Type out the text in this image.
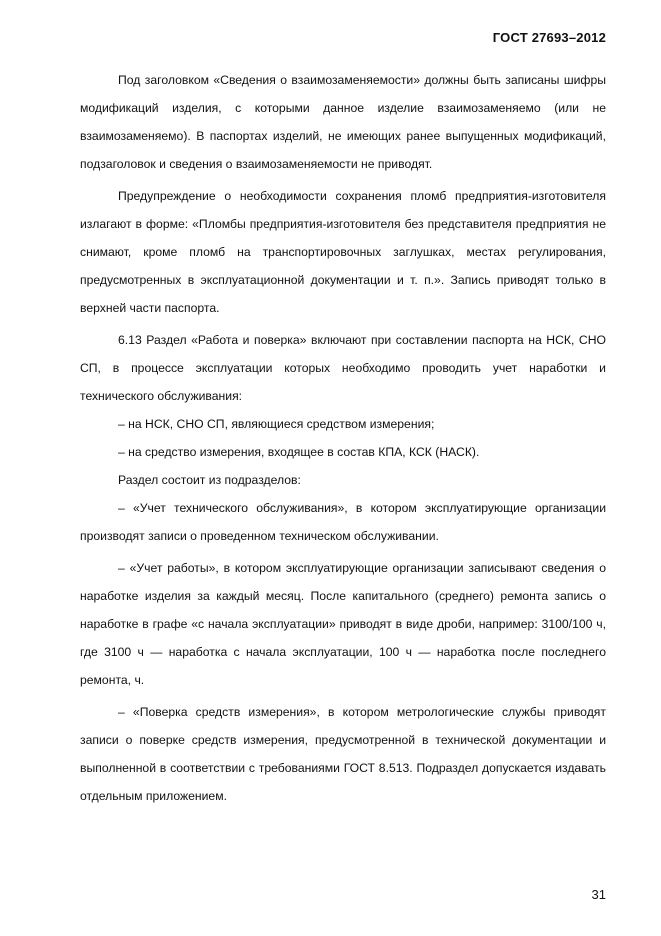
ГОСТ 27693–2012

Под заголовком «Сведения о взаимозаменяемости» должны быть записаны шифры модификаций изделия, с которыми данное изделие взаимозаменяемо (или не взаимозаменяемо). В паспортах изделий, не имеющих ранее выпущенных модификаций, подзаголовок и сведения о взаимозаменяемости не приводят.

Предупреждение о необходимости сохранения пломб предприятия-изготовителя излагают в форме: «Пломбы предприятия-изготовителя без представителя предприятия не снимают, кроме пломб на транспортировочных заглушках, местах регулирования, предусмотренных в эксплуатационной документации и т. п.». Запись приводят только в верхней части паспорта.

6.13 Раздел «Работа и поверка» включают при составлении паспорта на НСК, СНО СП, в процессе эксплуатации которых необходимо проводить учет наработки и технического обслуживания:

– на НСК, СНО СП, являющиеся средством измерения;

– на средство измерения, входящее в состав КПА, КСК (НАСК).

Раздел состоит из подразделов:

– «Учет технического обслуживания», в котором эксплуатирующие организации производят записи о проведенном техническом обслуживании.

– «Учет работы», в котором эксплуатирующие организации записывают сведения о наработке изделия за каждый месяц. После капитального (среднего) ремонта запись о наработке в графе «с начала эксплуатации» приводят в виде дроби, например: 3100/100 ч, где 3100 ч — наработка с начала эксплуатации, 100 ч — наработка после последнего ремонта, ч.

– «Поверка средств измерения», в котором метрологические службы приводят записи о поверке средств измерения, предусмотренной в технической документации и выполненной в соответствии с требованиями ГОСТ 8.513. Подраздел допускается издавать отдельным приложением.

31
